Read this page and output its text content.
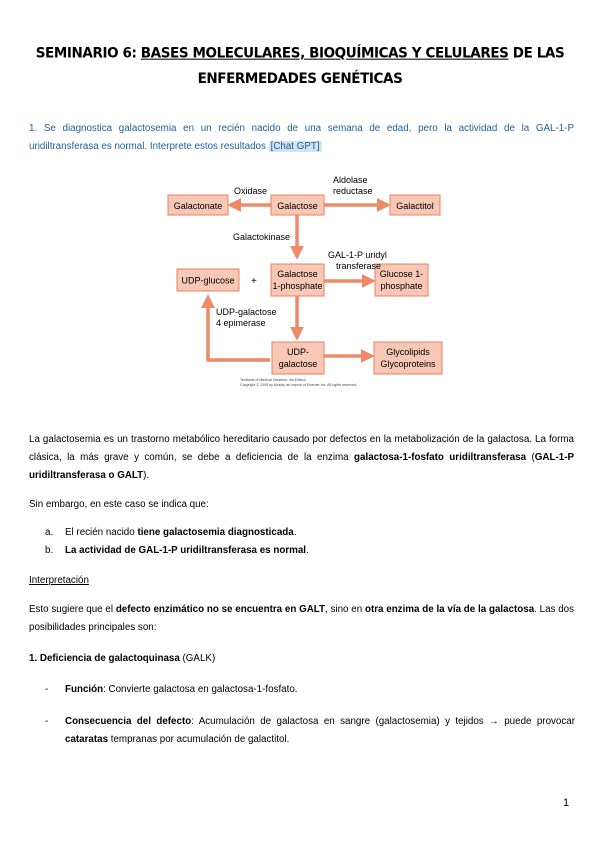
SEMINARIO 6: BASES MOLECULARES, BIOQUÍMICAS Y CELULARES DE LAS ENFERMEDADES GENÉTICAS
1. Se diagnostica galactosemia en un recién nacido de una semana de edad, pero la actividad de la GAL-1-P uridiltransferasa es normal. Interprete estos resultados [Chat GPT]
Galactonate	Galactose	Galactitol
UDP-glucose
Galactose
1-phosphate
Glucose 1-
phosphate
UDP-
galactose
Glycolipids
Glycoproteins
Oxidase
Aldolase
reductase
Galactokinase
GAL-1-P uridyl
transferase
+
UDP-galactose
4 epimerase
Textbook of Medical Genetics, 4th Edition
Copyright © 2005 by Mosby, an imprint of Elsevier Inc. All rights reserved.
La galactosemia es un trastorno metabólico hereditario causado por defectos en la metabolización de la galactosa. La forma clásica, la más grave y común, se debe a deficiencia de la enzima galactosa-1-fosfato uridiltransferasa (GAL-1-P uridiltransferasa o GALT).
Sin embargo, en este caso se indica que:
a. El recién nacido tiene galactosemia diagnosticada.
b. La actividad de GAL-1-P uridiltransferasa es normal.
Interpretación
Esto sugiere que el defecto enzimático no se encuentra en GALT, sino en otra enzima de la vía de la galactosa. Las dos posibilidades principales son:
1. Deficiencia de galactoquinasa (GALK)
- Función: Convierte galactosa en galactosa-1-fosfato.
- Consecuencia del defecto: Acumulación de galactosa en sangre (galactosemia) y tejidos → puede provocar cataratas tempranas por acumulación de galactitol.
1
